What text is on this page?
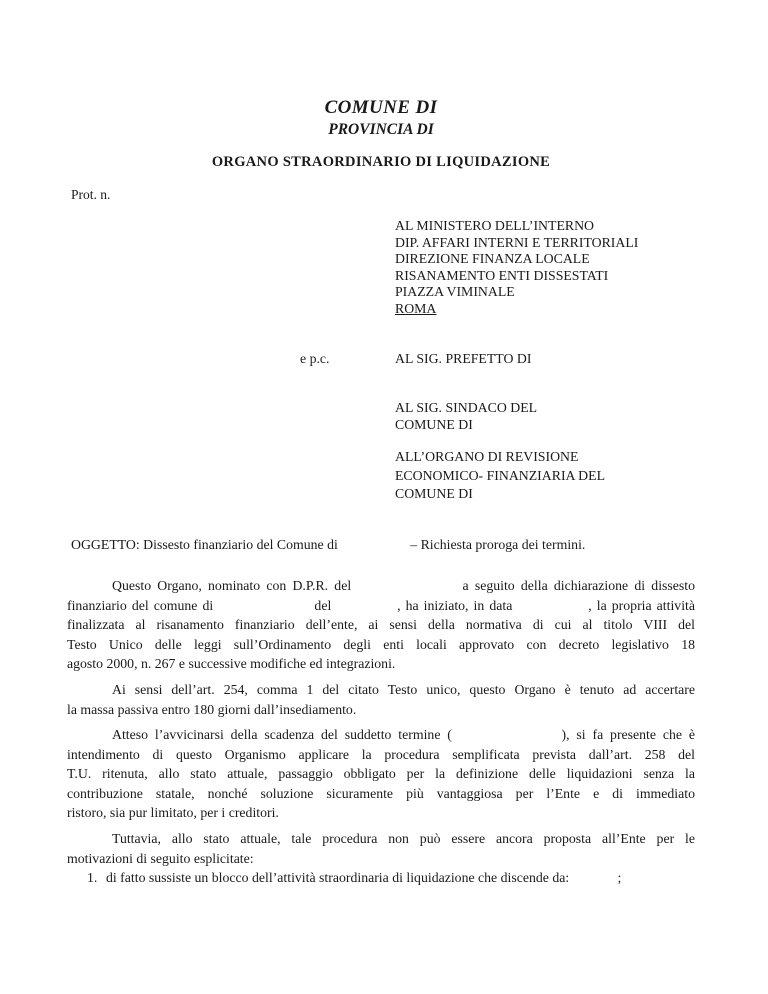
COMUNE DI
PROVINCIA DI
ORGANO STRAORDINARIO DI LIQUIDAZIONE
Prot. n.
AL MINISTERO DELL’INTERNO
DIP. AFFARI INTERNI E TERRITORIALI
DIREZIONE FINANZA LOCALE
RISANAMENTO ENTI DISSESTATI
PIAZZA VIMINALE
ROMA
e p.c.	AL SIG. PREFETTO DI
AL SIG. SINDACO DEL
COMUNE DI
ALL’ORGANO DI REVISIONE
ECONOMICO- FINANZIARIA DEL
COMUNE DI
OGGETTO: Dissesto finanziario del Comune di                     – Richiesta proroga dei termini.
Questo Organo, nominato con D.P.R. del                  a seguito della dichiarazione di dissesto
finanziario del comune di                    del             , ha iniziato, in data               , la propria attività
finalizzata al risanamento finanziario dell’ente, ai sensi della normativa di cui al titolo VIII del
Testo Unico delle leggi sull’Ordinamento degli enti locali approvato con decreto legislativo 18
agosto 2000, n. 267 e successive modifiche ed integrazioni.
Ai sensi dell’art. 254, comma 1 del citato Testo unico, questo Organo è tenuto ad accertare
la massa passiva entro 180 giorni dall’insediamento.
Atteso l’avvicinarsi della scadenza del suddetto termine (                ), si fa presente che è
intendimento di questo Organismo applicare la procedura semplificata prevista dall’art. 258 del
T.U. ritenuta, allo stato attuale, passaggio obbligato per la definizione delle liquidazioni senza la
contribuzione statale, nonché soluzione sicuramente più vantaggiosa per l’Ente e di immediato
ristoro, sia pur limitato, per i creditori.
Tuttavia, allo stato attuale, tale procedura non può essere ancora proposta all’Ente per le
motivazioni di seguito esplicitate:
1. di fatto sussiste un blocco dell’attività straordinaria di liquidazione che discende da:              ;
